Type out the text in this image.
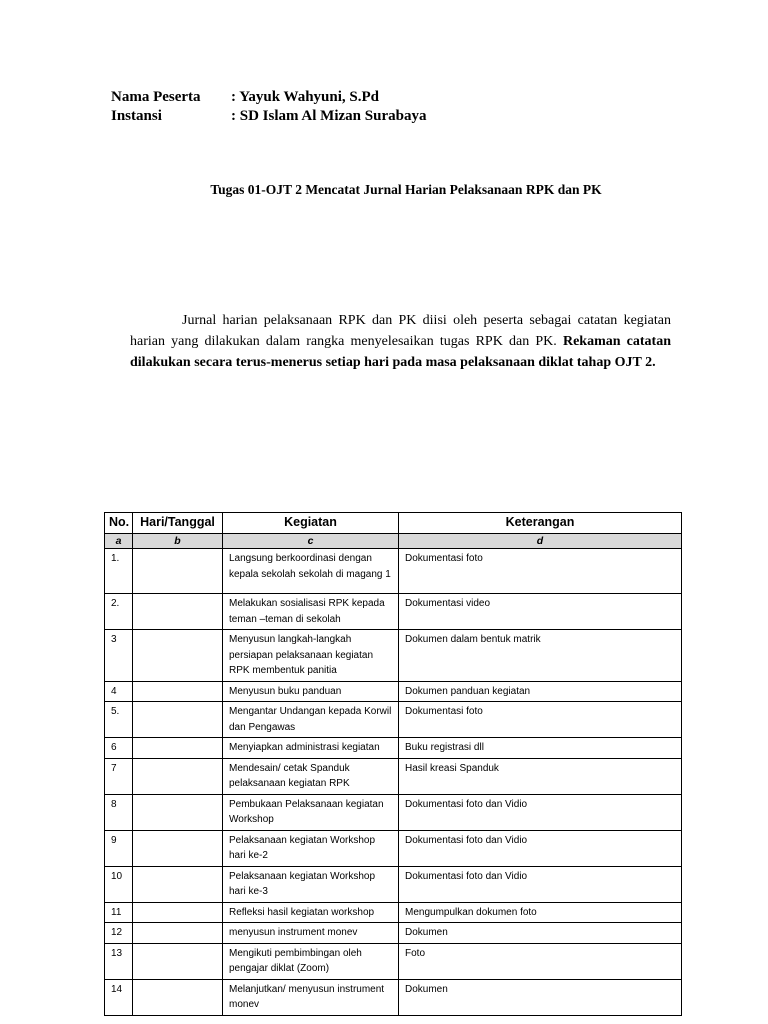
Nama Peserta : Yayuk Wahyuni, S.Pd
Instansi	: SD Islam Al Mizan Surabaya
Tugas 01-OJT 2 Mencatat Jurnal Harian Pelaksanaan RPK dan PK
Jurnal harian pelaksanaan RPK dan PK diisi oleh peserta sebagai catatan kegiatan harian yang dilakukan dalam rangka menyelesaikan tugas RPK dan PK. Rekaman catatan dilakukan secara terus-menerus setiap hari pada masa pelaksanaan diklat tahap OJT 2.
No.	Hari/Tanggal	Kegiatan	Keterangan
a	b	c	d
1.		Langsung berkoordinasi dengan kepala sekolah sekolah di magang 1	Dokumentasi foto
2.		Melakukan sosialisasi RPK kepada teman –teman di sekolah	Dokumentasi video
3		Menyusun langkah-langkah persiapan pelaksanaan kegiatan RPK membentuk panitia	Dokumen dalam bentuk matrik
4		Menyusun buku panduan	Dokumen panduan kegiatan
5.		Mengantar Undangan kepada Korwil dan Pengawas	Dokumentasi foto
6		Menyiapkan administrasi kegiatan	Buku registrasi dll
7		Mendesain/ cetak Spanduk pelaksanaan kegiatan RPK	Hasil kreasi Spanduk
8		Pembukaan Pelaksanaan kegiatan Workshop	Dokumentasi foto dan Vidio
9		Pelaksanaan kegiatan Workshop hari ke-2	Dokumentasi foto dan Vidio
10		Pelaksanaan kegiatan Workshop hari ke-3	Dokumentasi foto dan Vidio
11		Refleksi hasil kegiatan workshop	Mengumpulkan dokumen foto
12		menyusun instrument monev	Dokumen
13		Mengikuti pembimbingan oleh pengajar diklat (Zoom)	Foto
14		Melanjutkan/ menyusun instrument monev	Dokumen
